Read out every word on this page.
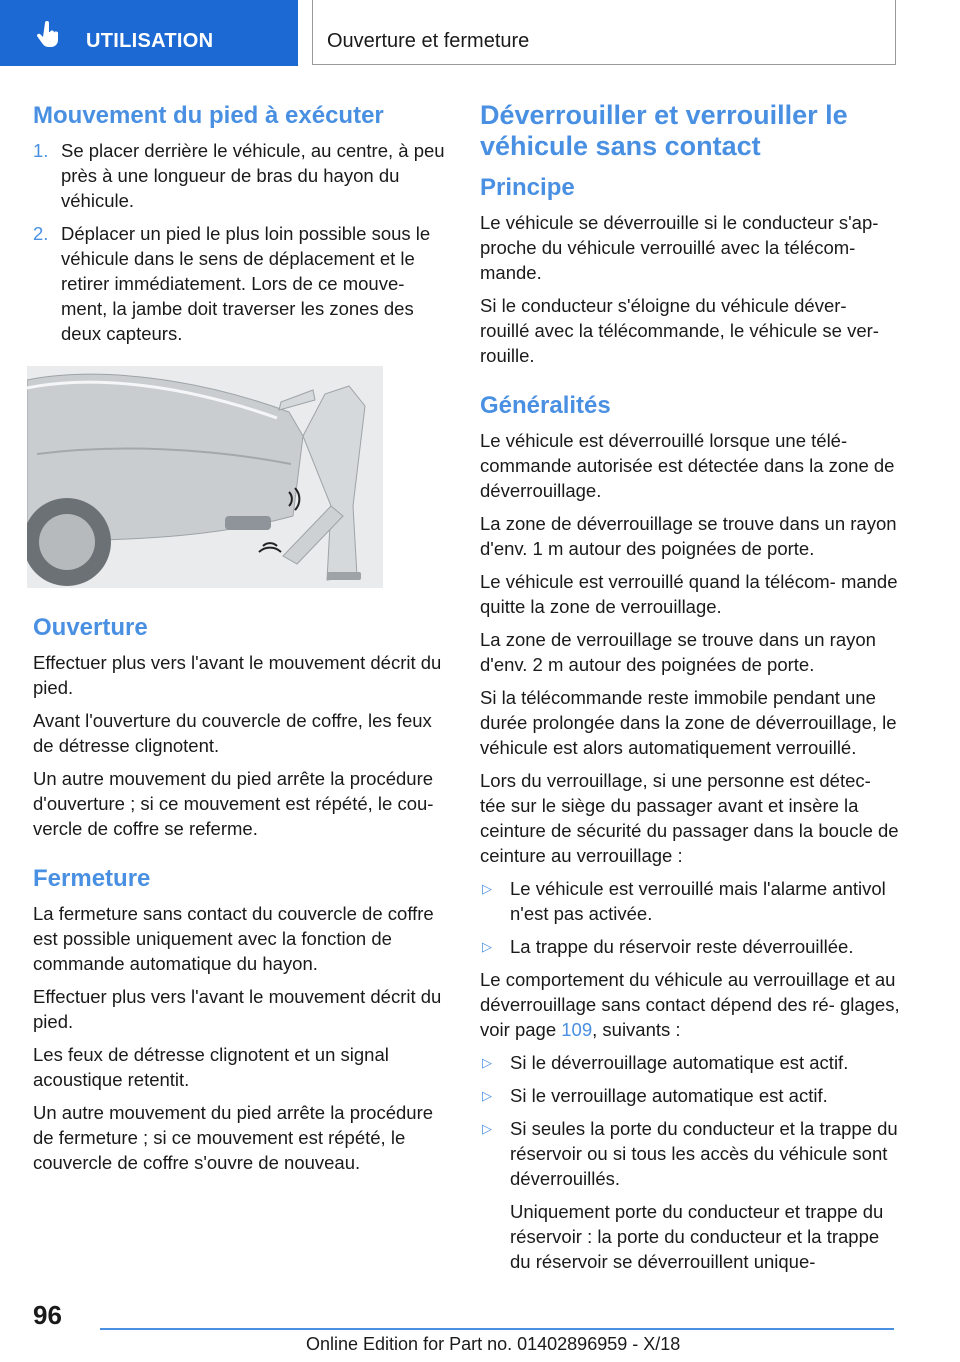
UTILISATION	Ouverture et fermeture
Mouvement du pied à exécuter
1. Se placer derrière le véhicule, au centre, à peu près à une longueur de bras du hayon du véhicule.
2. Déplacer un pied le plus loin possible sous le véhicule dans le sens de déplacement et le retirer immédiatement. Lors de ce mouve‐ ment, la jambe doit traverser les zones des deux capteurs.
Ouverture

Effectuer plus vers l'avant le mouvement décrit du pied.

Avant l'ouverture du couvercle de coffre, les feux de détresse clignotent.

Un autre mouvement du pied arrête la procédure d'ouverture ; si ce mouvement est répété, le cou‐ vercle de coffre se referme.

Fermeture

La fermeture sans contact du couvercle de coffre est possible uniquement avec la fonction de commande automatique du hayon.

Effectuer plus vers l'avant le mouvement décrit du pied.

Les feux de détresse clignotent et un signal acoustique retentit.

Un autre mouvement du pied arrête la procédure de fermeture ; si ce mouvement est répété, le couvercle de coffre s'ouvre de nouveau.

Déverrouiller et verrouiller le véhicule sans contact
Principe

Le véhicule se déverrouille si le conducteur s'ap‐ proche du véhicule verrouillé avec la télécom‐ mande.

Si le conducteur s'éloigne du véhicule déver‐ rouillé avec la télécommande, le véhicule se ver‐ rouille.

Généralités

Le véhicule est déverrouillé lorsque une télé‐ commande autorisée est détectée dans la zone de déverrouillage.

La zone de déverrouillage se trouve dans un rayon d'env. 1 m autour des poignées de porte.

Le véhicule est verrouillé quand la télécom‐ mande quitte la zone de verrouillage.

La zone de verrouillage se trouve dans un rayon d'env. 2 m autour des poignées de porte.

Si la télécommande reste immobile pendant une durée prolongée dans la zone de déverrouillage, le véhicule est alors automatiquement verrouillé.

Lors du verrouillage, si une personne est détec‐ tée sur le siège du passager avant et insère la ceinture de sécurité du passager dans la boucle de ceinture au verrouillage :

▷ Le véhicule est verrouillé mais l'alarme antivol n'est pas activée.
▷ La trappe du réservoir reste déverrouillée.

Le comportement du véhicule au verrouillage et au déverrouillage sans contact dépend des ré‐ glages, voir page 109, suivants :

▷ Si le déverrouillage automatique est actif.
▷ Si le verrouillage automatique est actif.
▷ Si seules la porte du conducteur et la trappe du réservoir ou si tous les accès du véhicule sont déverrouillés.

Uniquement porte du conducteur et trappe du réservoir : la porte du conducteur et la trappe du réservoir se déverrouillent unique‐

96
Online Edition for Part no. 01402896959 - X/18
